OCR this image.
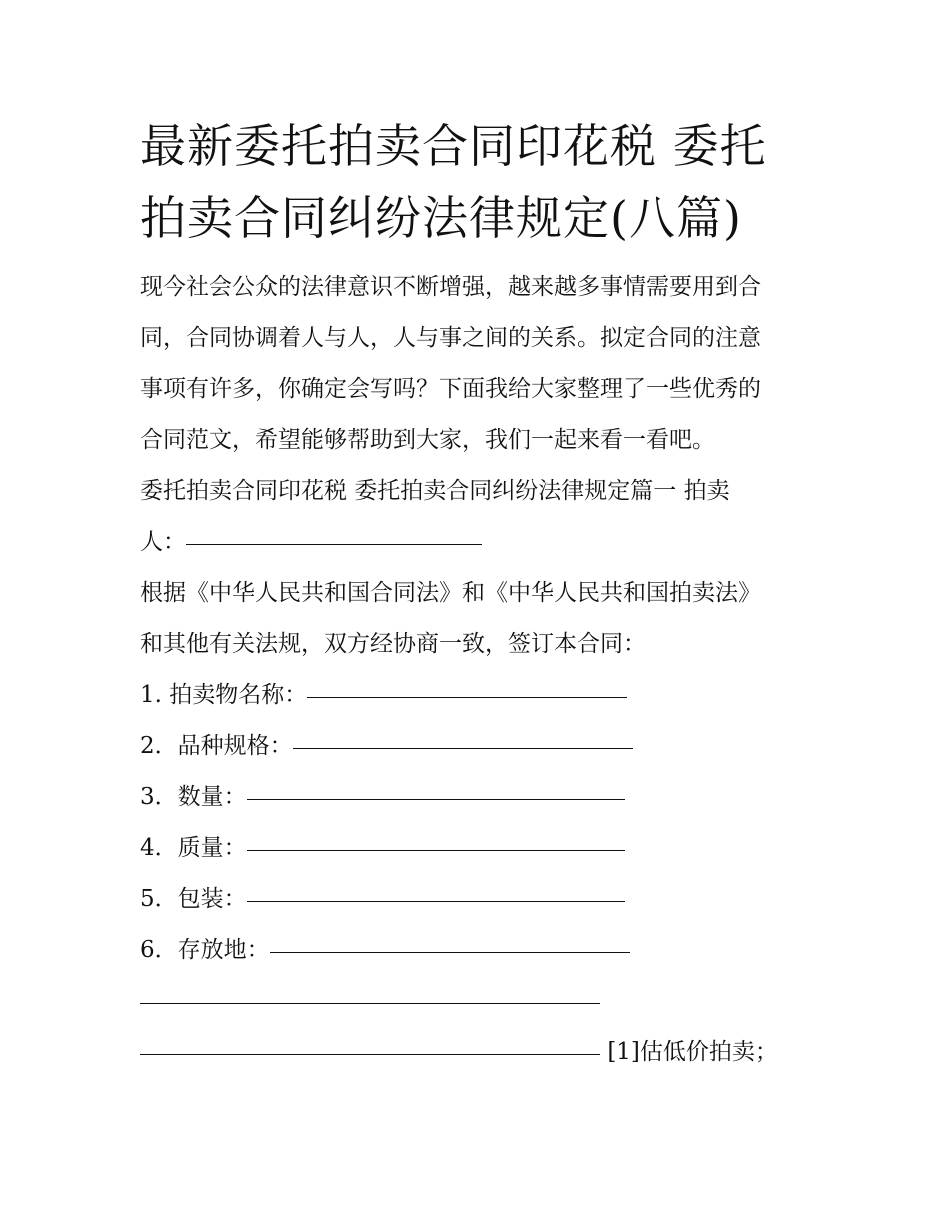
最新委托拍卖合同印花税 委托
拍卖合同纠纷法律规定(八篇)

现今社会公众的法律意识不断增强，越来越多事情需要用到合
同，合同协调着人与人，人与事之间的关系。拟定合同的注意
事项有许多，你确定会写吗？下面我给大家整理了一些优秀的
合同范文，希望能够帮助到大家，我们一起来看一看吧。

委托拍卖合同印花税 委托拍卖合同纠纷法律规定篇一 拍卖
人：

根据《中华人民共和国合同法》和《中华人民共和国拍卖法》
和其他有关法规，双方经协商一致，签订本合同：

1. 拍卖物名称：
2．品种规格：
3．数量：
4．质量：
5．包装：
6．存放地：
[1]估低价拍卖；
